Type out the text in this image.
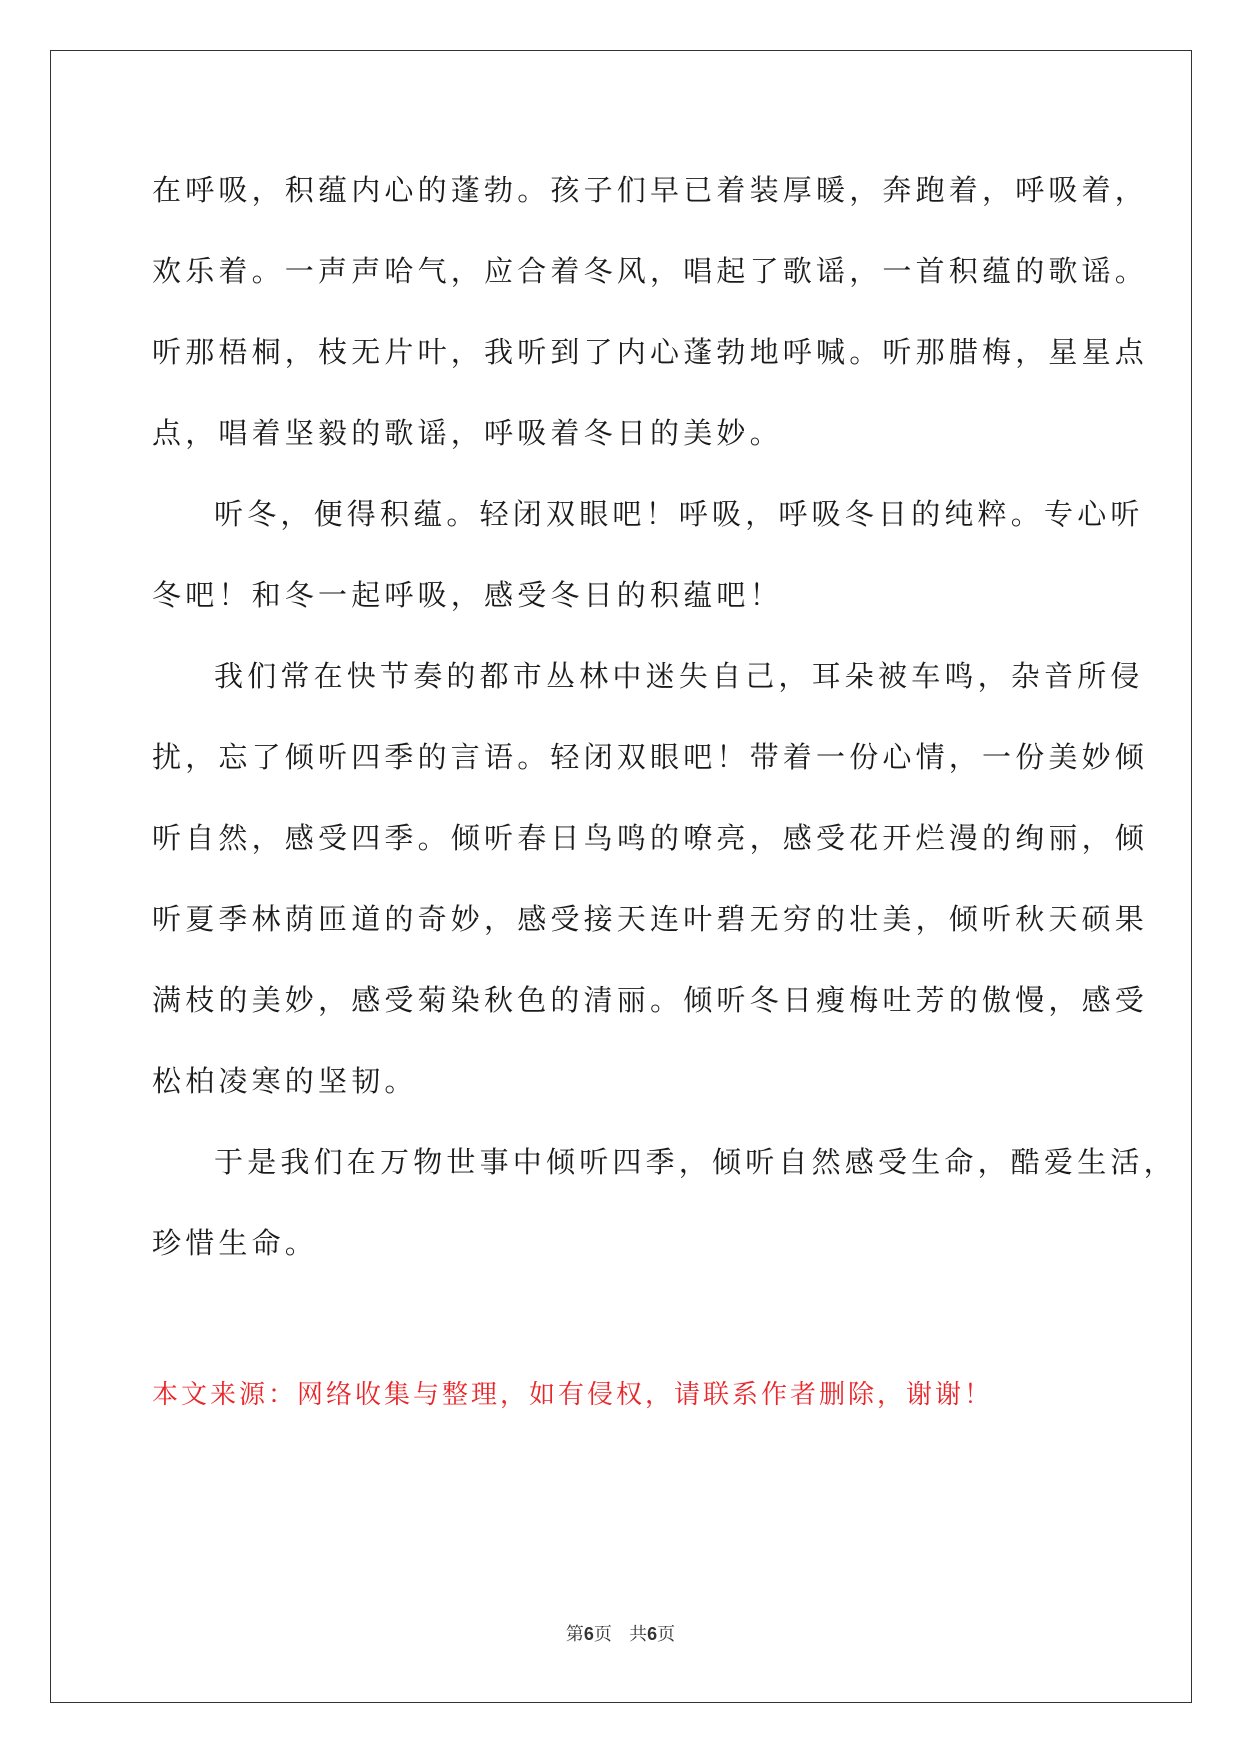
在呼吸，积蕴内心的蓬勃。孩子们早已着装厚暖，奔跑着，呼吸着，
欢乐着。一声声哈气，应合着冬风，唱起了歌谣，一首积蕴的歌谣。
听那梧桐，枝无片叶，我听到了内心蓬勃地呼喊。听那腊梅，星星点
点，唱着坚毅的歌谣，呼吸着冬日的美妙。
听冬，便得积蕴。轻闭双眼吧！呼吸，呼吸冬日的纯粹。专心听
冬吧！和冬一起呼吸，感受冬日的积蕴吧！
我们常在快节奏的都市丛林中迷失自己，耳朵被车鸣，杂音所侵
扰，忘了倾听四季的言语。轻闭双眼吧！带着一份心情，一份美妙倾
听自然，感受四季。倾听春日鸟鸣的嘹亮，感受花开烂漫的绚丽，倾
听夏季林荫匝道的奇妙，感受接天连叶碧无穷的壮美，倾听秋天硕果
满枝的美妙，感受菊染秋色的清丽。倾听冬日瘦梅吐芳的傲慢，感受
松柏凌寒的坚韧。
于是我们在万物世事中倾听四季，倾听自然感受生命，酷爱生活，
珍惜生命。
本文来源：网络收集与整理，如有侵权，请联系作者删除，谢谢！
第6页 共6页
